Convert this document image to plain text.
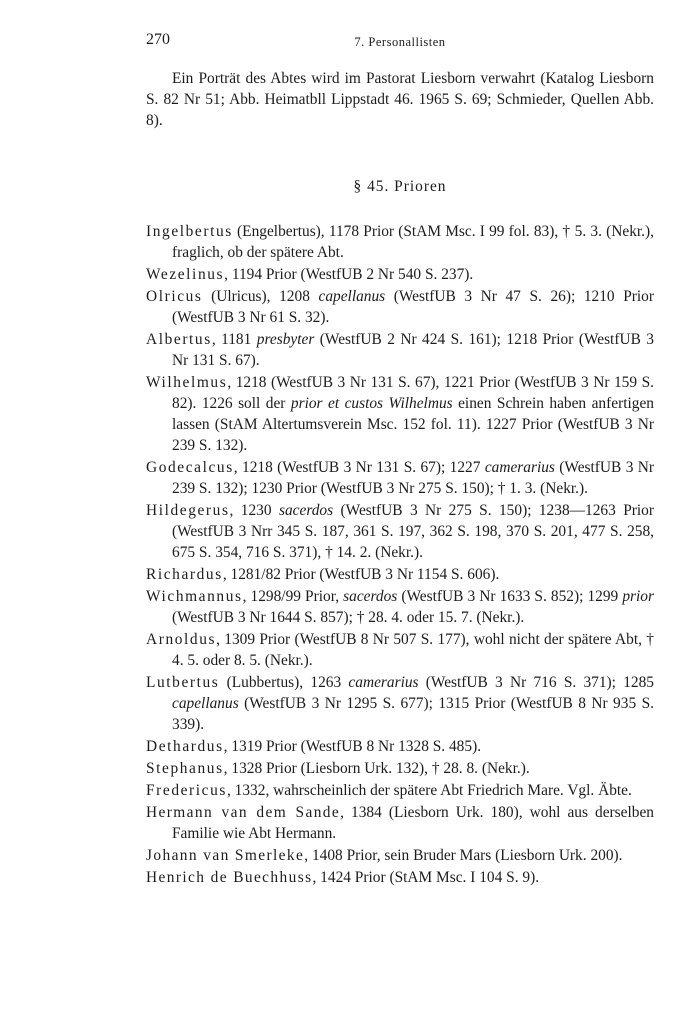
270	7. Personallisten

Ein Porträt des Abtes wird im Pastorat Liesborn verwahrt (Katalog Liesborn S. 82 Nr 51; Abb. Heimatbll Lippstadt 46. 1965 S. 69; Schmieder, Quellen Abb. 8).

§ 45. Prioren
Ingelbertus (Engelbertus), 1178 Prior (StAM Msc. I 99 fol. 83), † 5. 3. (Nekr.), fraglich, ob der spätere Abt.
Wezelinus, 1194 Prior (WestfUB 2 Nr 540 S. 237).
Olricus (Ulricus), 1208 capellanus (WestfUB 3 Nr 47 S. 26); 1210 Prior (WestfUB 3 Nr 61 S. 32).
Albertus, 1181 presbyter (WestfUB 2 Nr 424 S. 161); 1218 Prior (WestfUB 3 Nr 131 S. 67).
Wilhelmus, 1218 (WestfUB 3 Nr 131 S. 67), 1221 Prior (WestfUB 3 Nr 159 S. 82). 1226 soll der prior et custos Wilhelmus einen Schrein haben anfertigen lassen (StAM Altertumsverein Msc. 152 fol. 11). 1227 Prior (WestfUB 3 Nr 239 S. 132).
Godecalcus, 1218 (WestfUB 3 Nr 131 S. 67); 1227 camerarius (WestfUB 3 Nr 239 S. 132); 1230 Prior (WestfUB 3 Nr 275 S. 150); † 1. 3. (Nekr.).
Hildegerus, 1230 sacerdos (WestfUB 3 Nr 275 S. 150); 1238—1263 Prior (WestfUB 3 Nrr 345 S. 187, 361 S. 197, 362 S. 198, 370 S. 201, 477 S. 258, 675 S. 354, 716 S. 371), † 14. 2. (Nekr.).
Richardus, 1281/82 Prior (WestfUB 3 Nr 1154 S. 606).
Wichmannus, 1298/99 Prior, sacerdos (WestfUB 3 Nr 1633 S. 852); 1299 prior (WestfUB 3 Nr 1644 S. 857); † 28. 4. oder 15. 7. (Nekr.).
Arnoldus, 1309 Prior (WestfUB 8 Nr 507 S. 177), wohl nicht der spätere Abt, † 4. 5. oder 8. 5. (Nekr.).
Lutbertus (Lubbertus), 1263 camerarius (WestfUB 3 Nr 716 S. 371); 1285 capellanus (WestfUB 3 Nr 1295 S. 677); 1315 Prior (WestfUB 8 Nr 935 S. 339).
Dethardus, 1319 Prior (WestfUB 8 Nr 1328 S. 485).
Stephanus, 1328 Prior (Liesborn Urk. 132), † 28. 8. (Nekr.).
Fredericus, 1332, wahrscheinlich der spätere Abt Friedrich Mare. Vgl. Äbte.
Hermann van dem Sande, 1384 (Liesborn Urk. 180), wohl aus derselben Familie wie Abt Hermann.
Johann van Smerleke, 1408 Prior, sein Bruder Mars (Liesborn Urk. 200).
Henrich de Buechhuss, 1424 Prior (StAM Msc. I 104 S. 9).
